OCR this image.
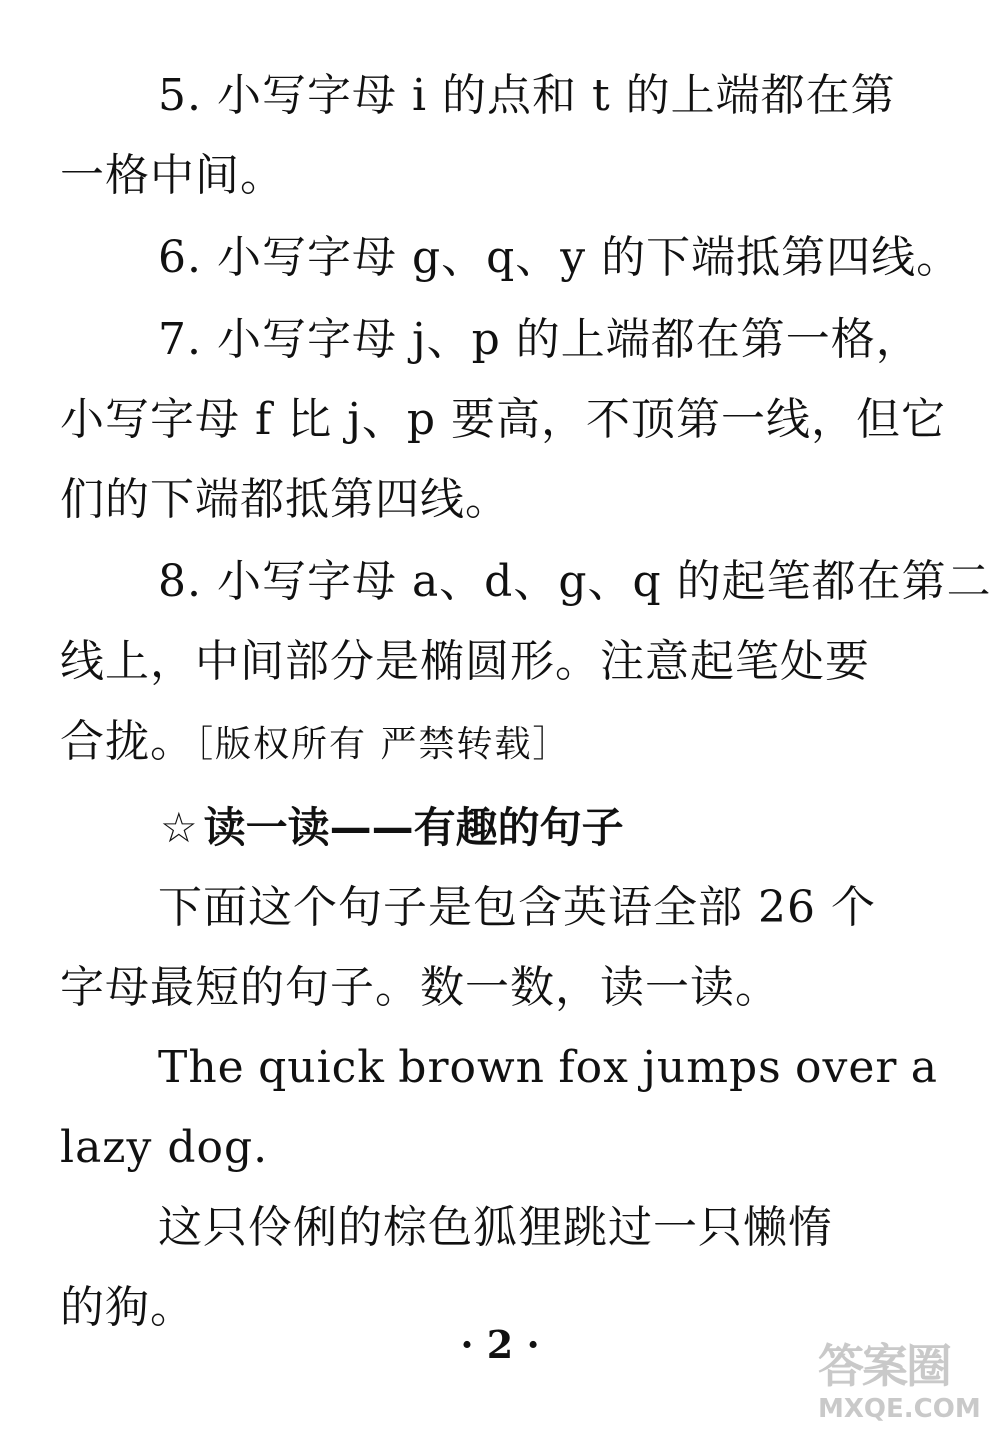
5. 小写字母 i 的点和 t 的上端都在第
一格中间。
6. 小写字母 g、q、y 的下端抵第四线。
7. 小写字母 j、p 的上端都在第一格，
小写字母 f 比 j、p 要高，不顶第一线，但它
们的下端都抵第四线。
8. 小写字母 a、d、g、q 的起笔都在第二
线上，中间部分是椭圆形。注意起笔处要
合拢。［版权所有 严禁转载］
☆ 读一读——有趣的句子
下面这个句子是包含英语全部 26 个
字母最短的句子。数一数，读一读。
The quick brown fox jumps over a
lazy dog.
这只伶俐的棕色狐狸跳过一只懒惰
的狗。
· 2 ·	答案圈
MXQE.COM
